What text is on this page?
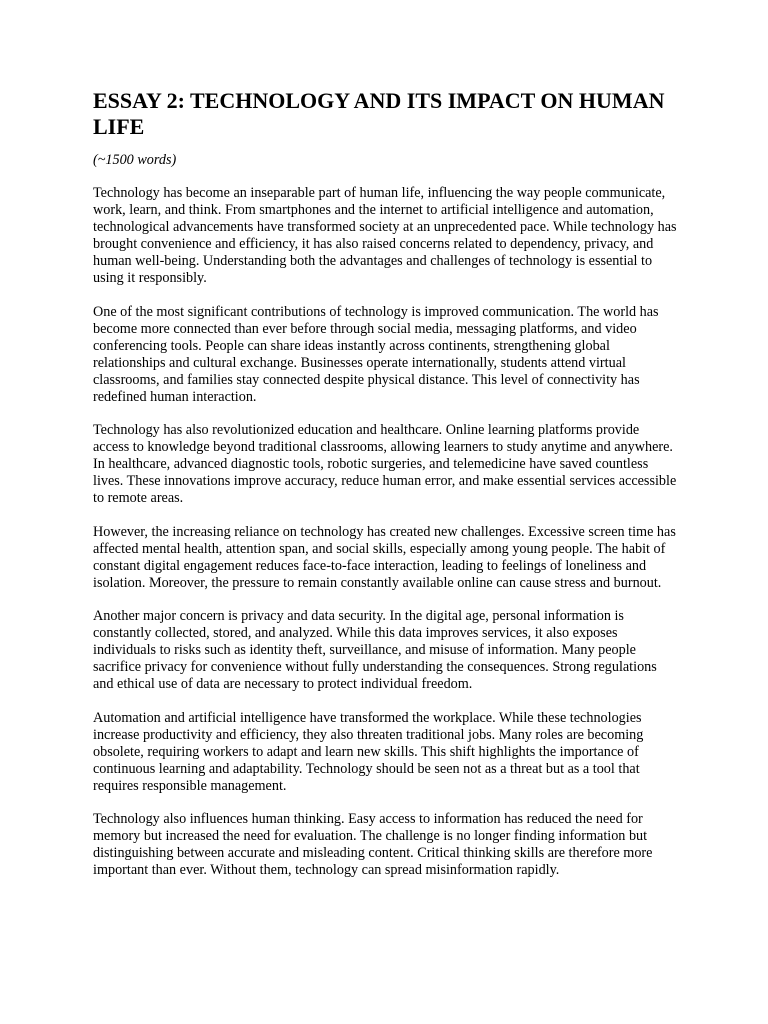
ESSAY 2: TECHNOLOGY AND ITS IMPACT ON HUMAN LIFE

(~1500 words)

Technology has become an inseparable part of human life, influencing the way people communicate, work, learn, and think. From smartphones and the internet to artificial intelligence and automation, technological advancements have transformed society at an unprecedented pace. While technology has brought convenience and efficiency, it has also raised concerns related to dependency, privacy, and human well-being. Understanding both the advantages and challenges of technology is essential to using it responsibly.

One of the most significant contributions of technology is improved communication. The world has become more connected than ever before through social media, messaging platforms, and video conferencing tools. People can share ideas instantly across continents, strengthening global relationships and cultural exchange. Businesses operate internationally, students attend virtual classrooms, and families stay connected despite physical distance. This level of connectivity has redefined human interaction.

Technology has also revolutionized education and healthcare. Online learning platforms provide access to knowledge beyond traditional classrooms, allowing learners to study anytime and anywhere. In healthcare, advanced diagnostic tools, robotic surgeries, and telemedicine have saved countless lives. These innovations improve accuracy, reduce human error, and make essential services accessible to remote areas.

However, the increasing reliance on technology has created new challenges. Excessive screen time has affected mental health, attention span, and social skills, especially among young people. The habit of constant digital engagement reduces face-to-face interaction, leading to feelings of loneliness and isolation. Moreover, the pressure to remain constantly available online can cause stress and burnout.

Another major concern is privacy and data security. In the digital age, personal information is constantly collected, stored, and analyzed. While this data improves services, it also exposes individuals to risks such as identity theft, surveillance, and misuse of information. Many people sacrifice privacy for convenience without fully understanding the consequences. Strong regulations and ethical use of data are necessary to protect individual freedom.

Automation and artificial intelligence have transformed the workplace. While these technologies increase productivity and efficiency, they also threaten traditional jobs. Many roles are becoming obsolete, requiring workers to adapt and learn new skills. This shift highlights the importance of continuous learning and adaptability. Technology should be seen not as a threat but as a tool that requires responsible management.

Technology also influences human thinking. Easy access to information has reduced the need for memory but increased the need for evaluation. The challenge is no longer finding information but distinguishing between accurate and misleading content. Critical thinking skills are therefore more important than ever. Without them, technology can spread misinformation rapidly.
